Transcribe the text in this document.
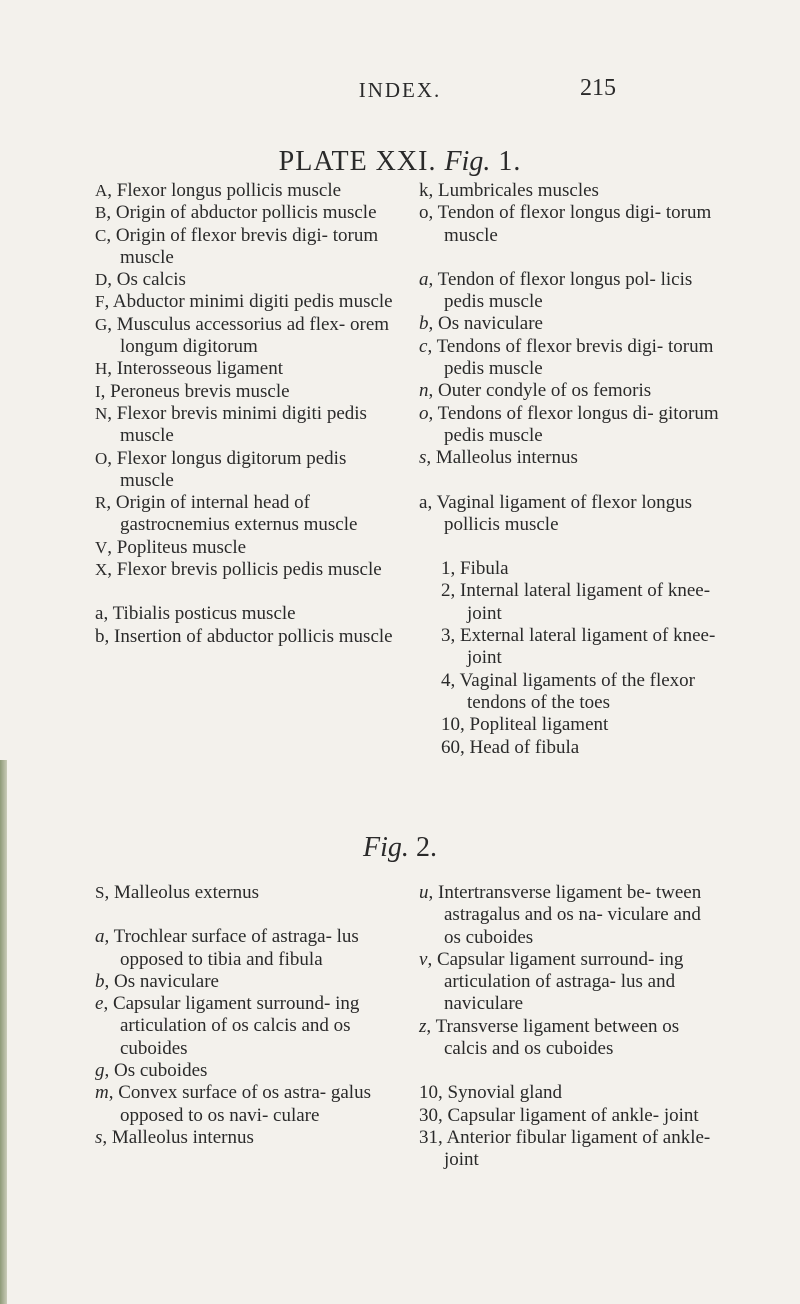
INDEX.	215
PLATE XXI. Fig. 1.

A, Flexor longus pollicis muscle

B, Origin of abductor pollicis muscle

C, Origin of flexor brevis digi- torum muscle

D, Os calcis

F, Abductor minimi digiti pedis muscle

G, Musculus accessorius ad flex- orem longum digitorum

H, Interosseous ligament

I, Peroneus brevis muscle

N, Flexor brevis minimi digiti pedis muscle

O, Flexor longus digitorum pedis muscle

R, Origin of internal head of gastrocnemius externus muscle

V, Popliteus muscle

X, Flexor brevis pollicis pedis muscle

a, Tibialis posticus muscle

b, Insertion of abductor pollicis muscle

k, Lumbricales muscles

o, Tendon of flexor longus digi- torum muscle

a, Tendon of flexor longus pol- licis pedis muscle

b, Os naviculare

c, Tendons of flexor brevis digi- torum pedis muscle

n, Outer condyle of os femoris

o, Tendons of flexor longus di- gitorum pedis muscle

s, Malleolus internus

a, Vaginal ligament of flexor longus pollicis muscle

1, Fibula

2, Internal lateral ligament of knee-joint

3, External lateral ligament of knee-joint

4, Vaginal ligaments of the flexor tendons of the toes

10, Popliteal ligament

60, Head of fibula

Fig. 2.

S, Malleolus externus

a, Trochlear surface of astraga- lus opposed to tibia and fibula

b, Os naviculare

e, Capsular ligament surround- ing articulation of os calcis and os cuboides

g, Os cuboides

m, Convex surface of os astra- galus opposed to os navi- culare

s, Malleolus internus

u, Intertransverse ligament be- tween astragalus and os na- viculare and os cuboides

v, Capsular ligament surround- ing articulation of astraga- lus and naviculare

z, Transverse ligament between os calcis and os cuboides

10, Synovial gland

30, Capsular ligament of ankle- joint

31, Anterior fibular ligament of ankle-joint
